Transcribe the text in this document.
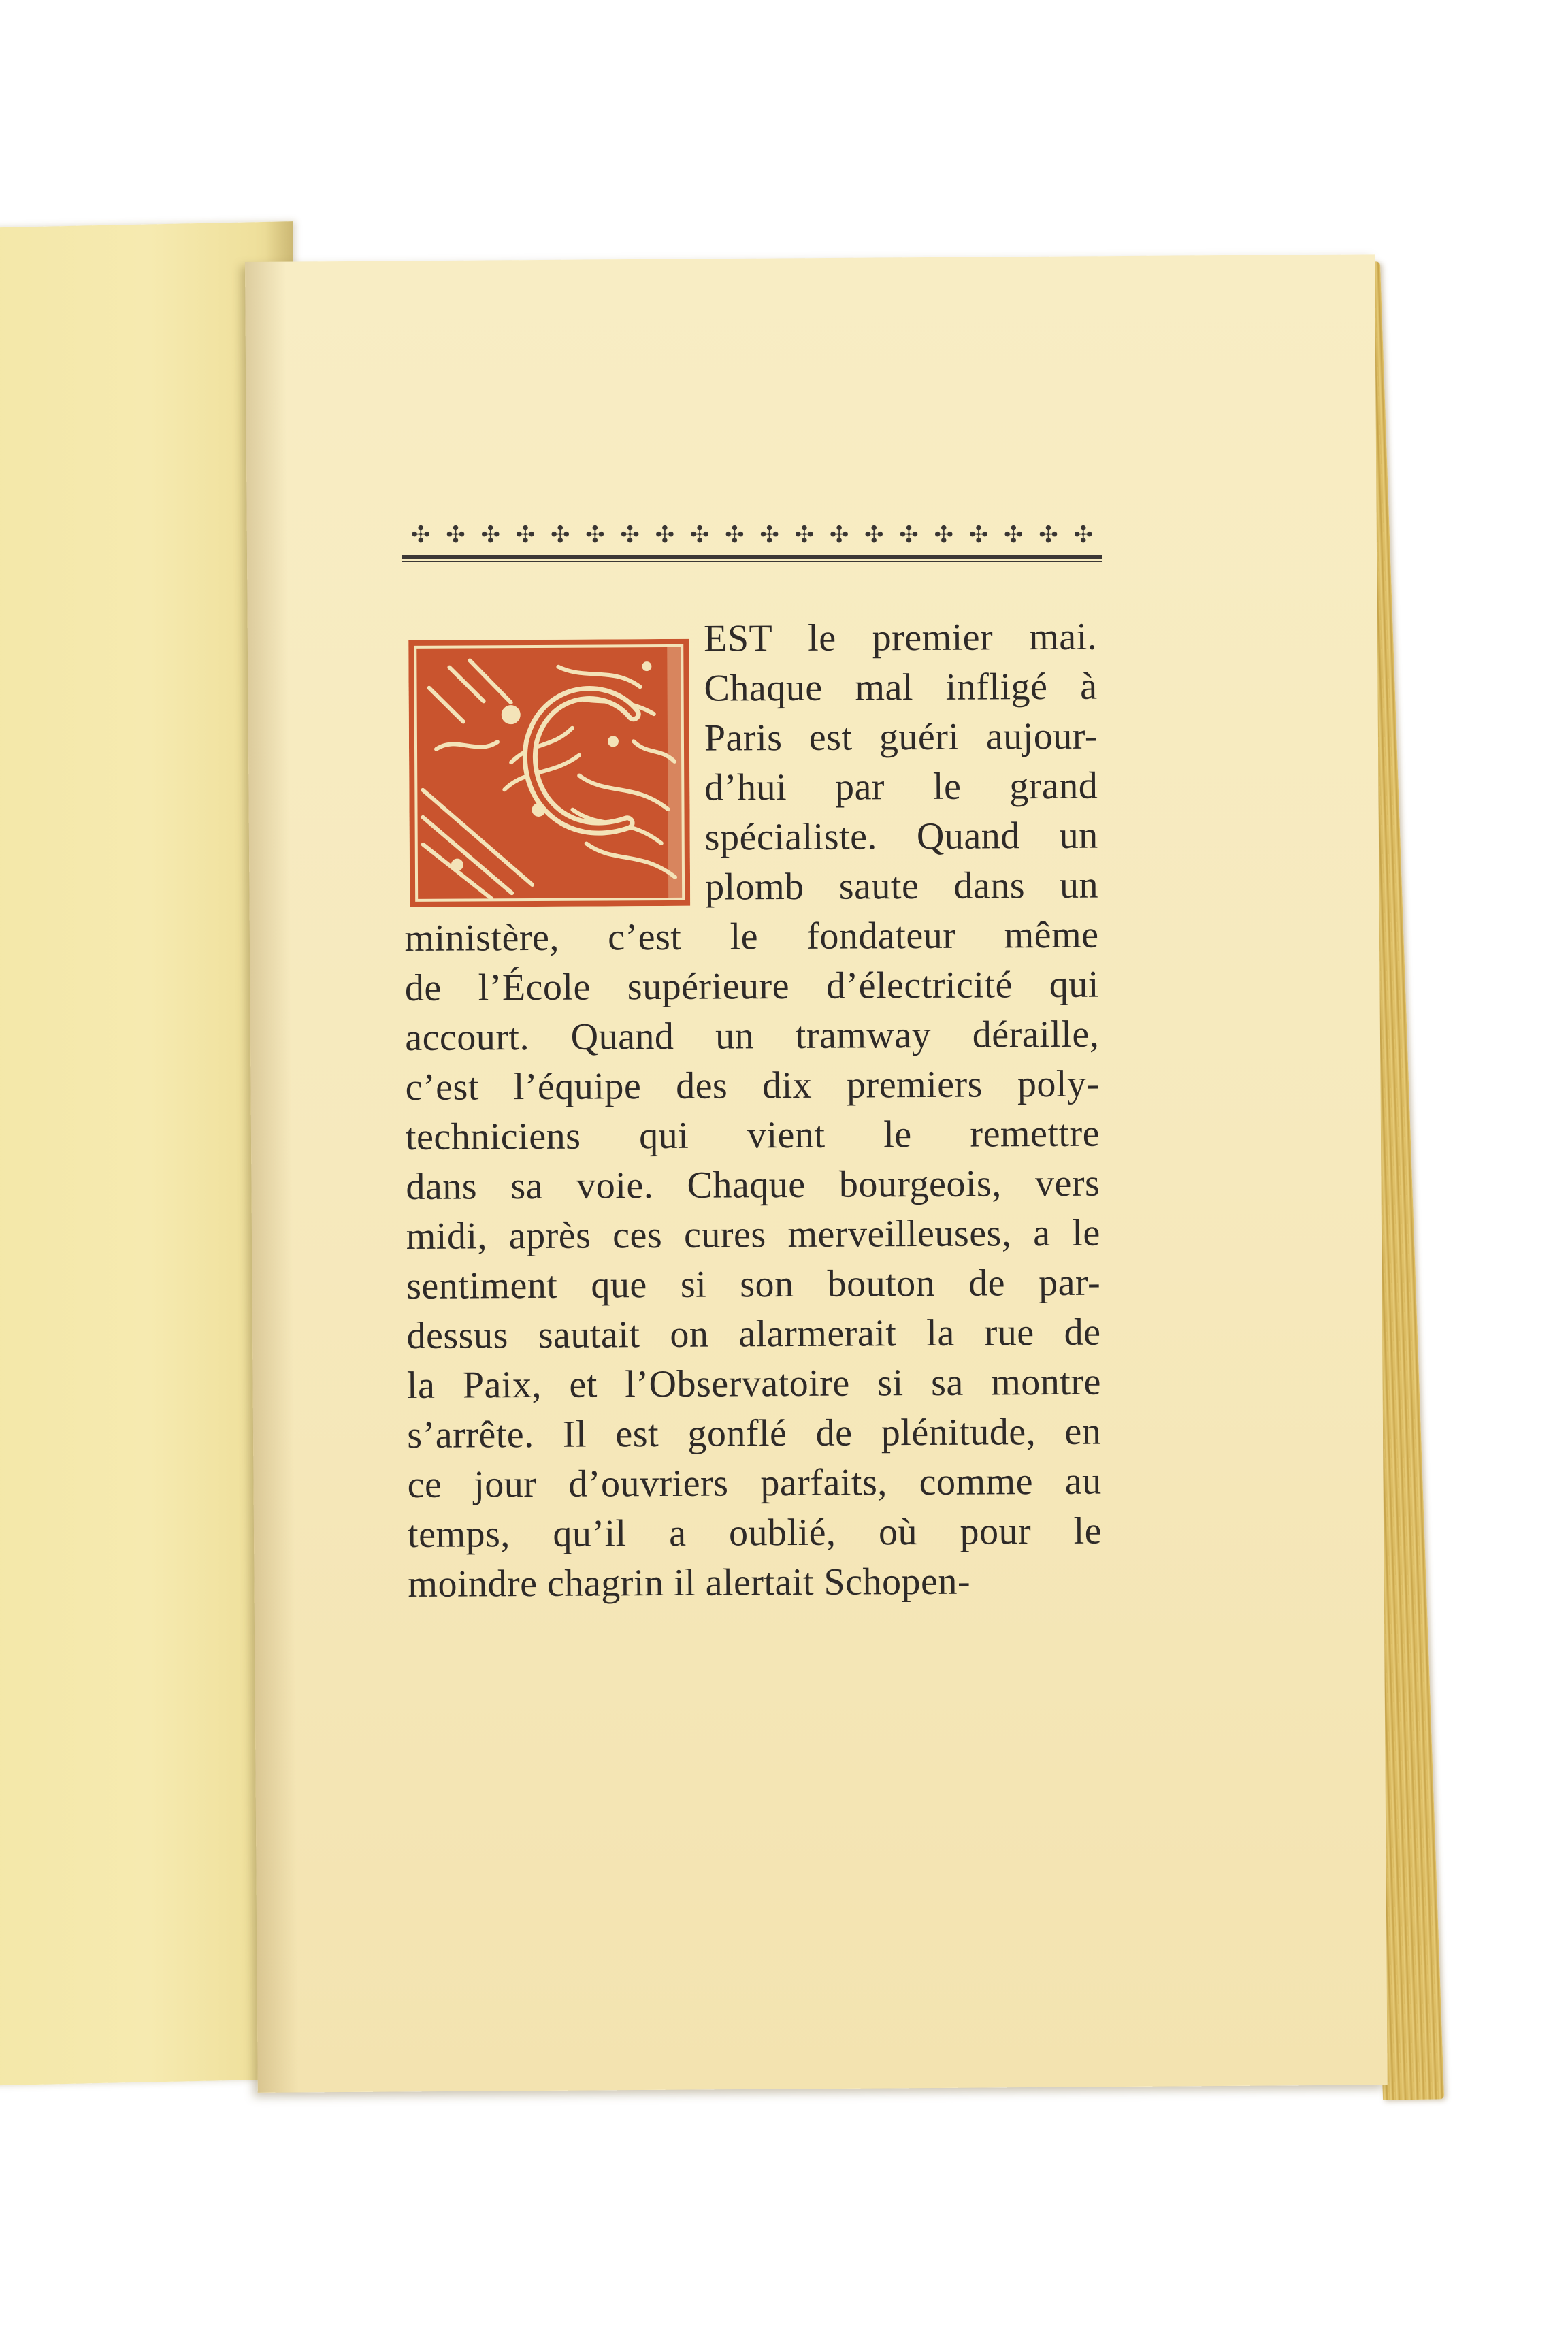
✣ ✣ ✣ ✣ ✣ ✣ ✣ ✣ ✣ ✣ ✣ ✣ ✣ ✣ ✣ ✣ ✣ ✣ ✣ ✣
EST le premier mai.
Chaque mal infligé à
Paris est guéri aujour-
d’hui par le grand
spécialiste. Quand un
plomb saute dans un
ministère, c’est le fondateur même
de l’École supérieure d’électricité qui
accourt. Quand un tramway déraille,
c’est l’équipe des dix premiers poly-
techniciens qui vient le remettre
dans sa voie. Chaque bourgeois, vers
midi, après ces cures merveilleuses, a le
sentiment que si son bouton de par-
dessus sautait on alarmerait la rue de
la Paix, et l’Observatoire si sa montre
s’arrête. Il est gonflé de plénitude, en
ce jour d’ouvriers parfaits, comme au
temps, qu’il a oublié, où pour le
moindre chagrin il alertait Schopen-
